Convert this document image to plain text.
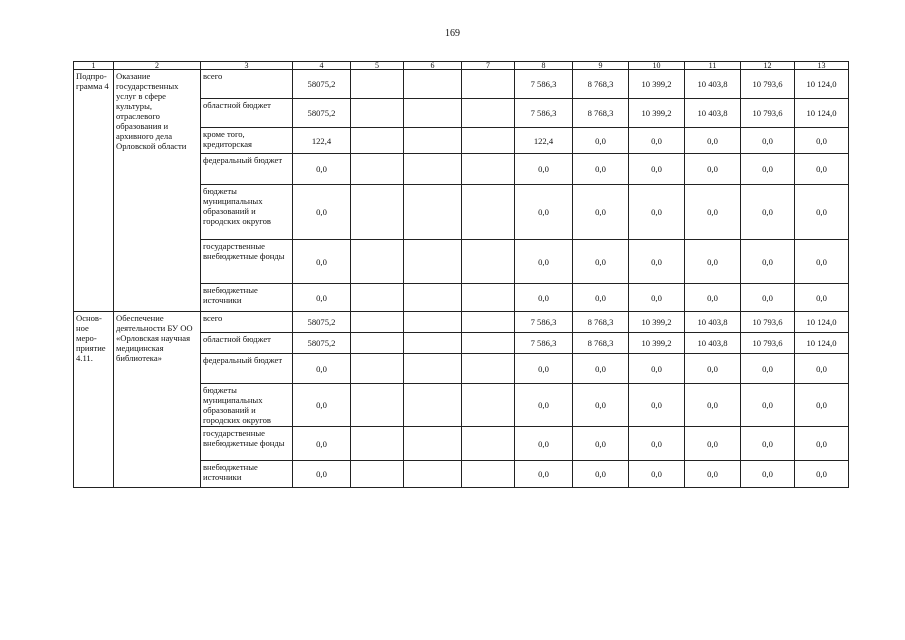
169
1	2	3	4	5	6	7	8	9	10	11	12	13
Подпро-
грамма 4	Оказание государственных услуг в сфере культуры, отраслевого образования и архивного дела Орловской области	всего	58075,2				7 586,3	8 768,3	10 399,2	10 403,8	10 793,6	10 124,0
		областной бюджет	58075,2				7 586,3	8 768,3	10 399,2	10 403,8	10 793,6	10 124,0
		кроме того, кредиторская	122,4				122,4	0,0	0,0	0,0	0,0	0,0
		федеральный бюджет	0,0				0,0	0,0	0,0	0,0	0,0	0,0
		бюджеты муниципальных образований и городских округов	0,0				0,0	0,0	0,0	0,0	0,0	0,0
		государственные внебюджетные фонды	0,0				0,0	0,0	0,0	0,0	0,0	0,0
		внебюджетные источники	0,0				0,0	0,0	0,0	0,0	0,0	0,0
Основ-
ное меро-
приятие
4.11.	Обеспечение деятельности БУ ОО «Орловская научная медицинская библиотека»	всего	58075,2				7 586,3	8 768,3	10 399,2	10 403,8	10 793,6	10 124,0
		областной бюджет	58075,2				7 586,3	8 768,3	10 399,2	10 403,8	10 793,6	10 124,0
		федеральный бюджет	0,0				0,0	0,0	0,0	0,0	0,0	0,0
		бюджеты муниципальных образований и городских округов	0,0				0,0	0,0	0,0	0,0	0,0	0,0
		государственные внебюджетные фонды	0,0				0,0	0,0	0,0	0,0	0,0	0,0
		внебюджетные источники	0,0				0,0	0,0	0,0	0,0	0,0	0,0
